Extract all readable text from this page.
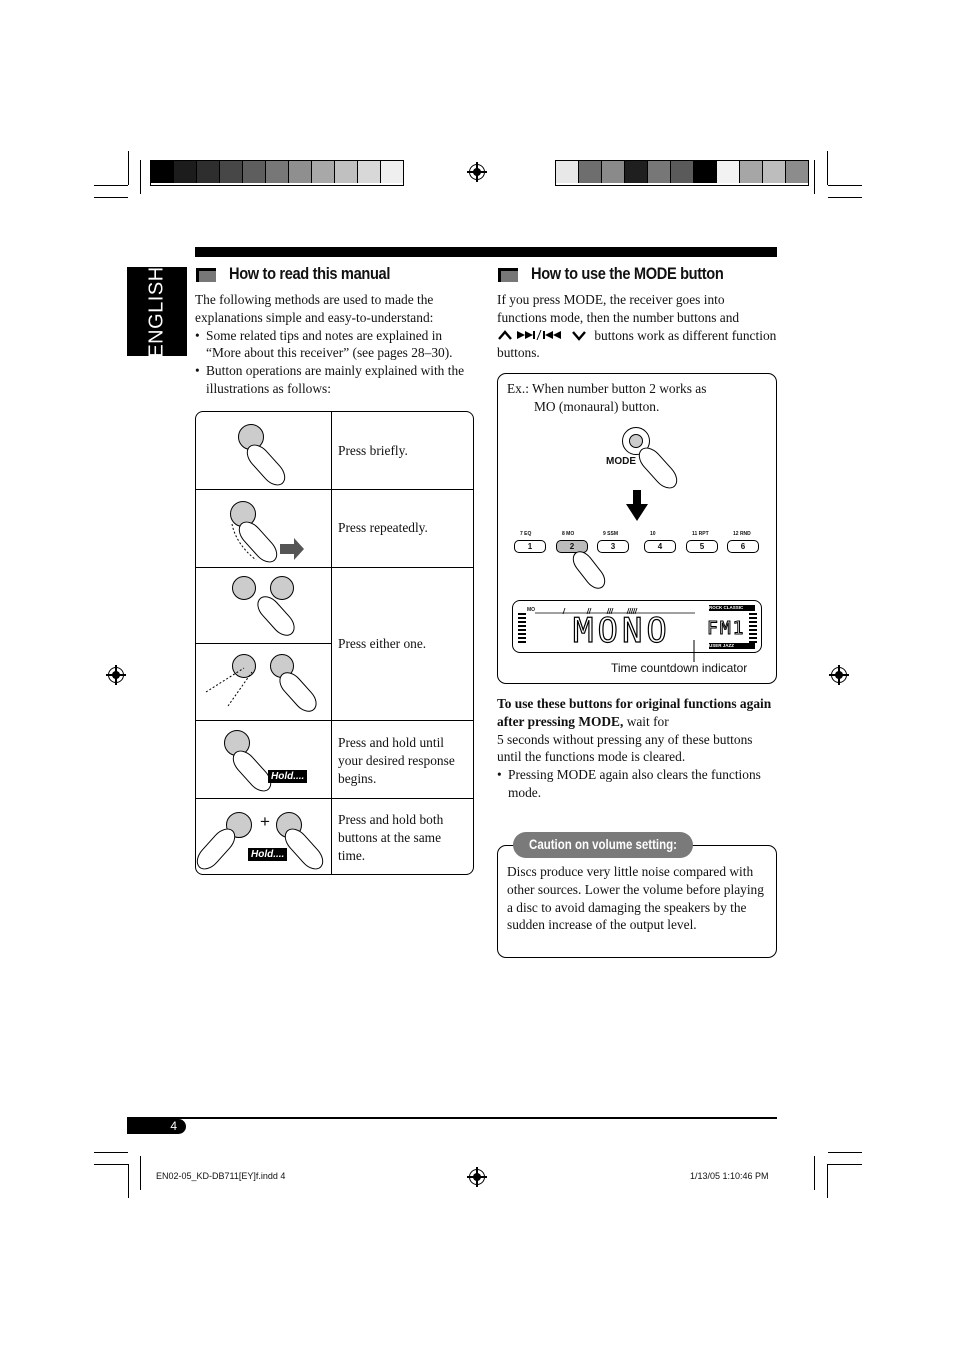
ENGLISH	How to read this manual

The following methods are used to made the explanations simple and easy-to-understand:

• Some related tips and notes are explained in “More about this receiver” (see pages 28–30).

• Button operations are mainly explained with the illustrations as follows:

Press briefly.
Press repeatedly.
Press either one.
Hold....
Press and hold until your desired response begins.
+
Hold....
Press and hold both buttons at the same time.
How to use the MODE button

If you press MODE, the receiver goes into functions mode, then the number buttons and

buttons work as different function buttons.

Ex.: When number button 2 works as

MO (monaural) button.

MODE
7 EQ
1
8 MO
2
9 SSM
3
10
4
11 RPT
5
12 RND
6
MO
MONO FM1
ROCK CLASSIC
USER JAZZ
Time countdown indicator

To use these buttons for original functions again after pressing MODE, wait for

5 seconds without pressing any of these buttons until the functions mode is cleared.

• Pressing MODE again also clears the functions mode.

Caution on volume setting:
Discs produce very little noise compared with other sources. Lower the volume before playing a disc to avoid damaging the speakers by the sudden increase of the output level.
4
EN02-05_KD-DB711[EY]f.indd 4	1/13/05 1:10:46 PM
